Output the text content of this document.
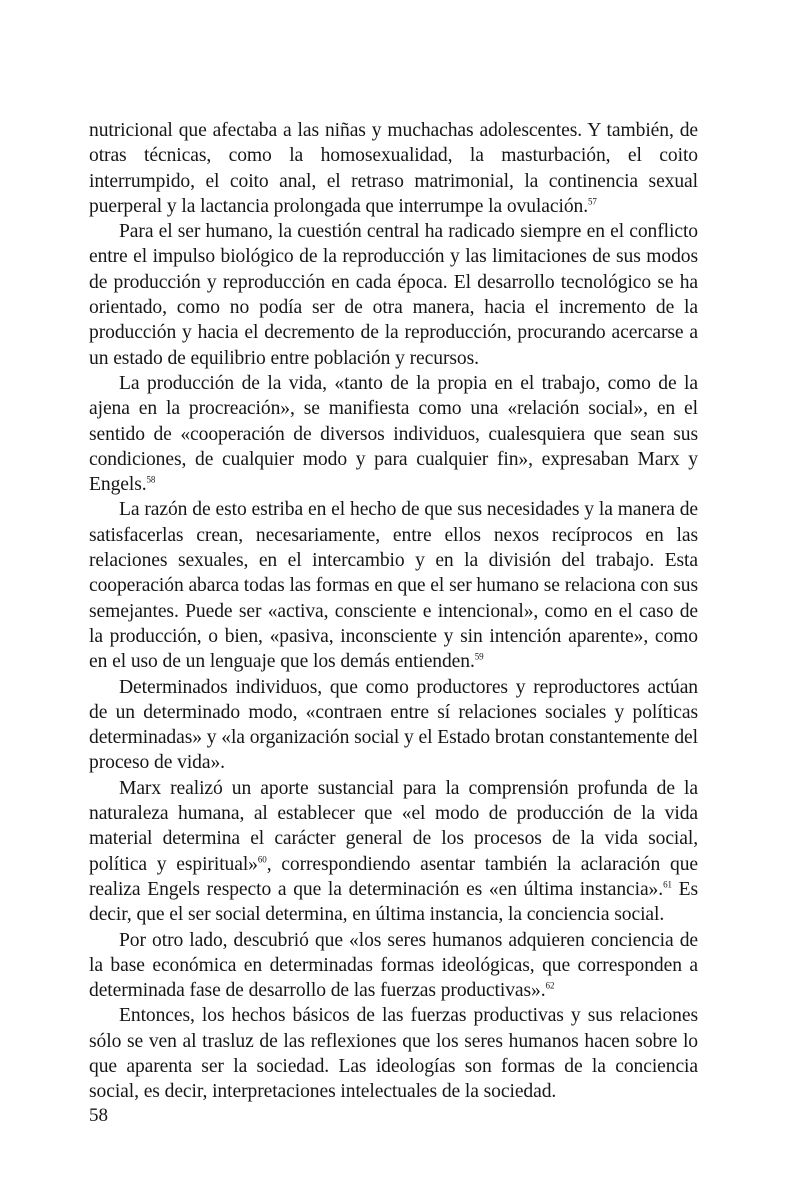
nutricional que afectaba a las niñas y muchachas adolescentes. Y también, de otras técnicas, como la homosexualidad, la masturbación, el coito interrumpido, el coito anal, el retraso matrimonial, la continencia sexual puerperal y la lactancia prolongada que interrumpe la ovulación.$^{57}$

Para el ser humano, la cuestión central ha radicado siempre en el conflicto entre el impulso biológico de la reproducción y las limitaciones de sus modos de producción y reproducción en cada época. El desarrollo tecnológico se ha orientado, como no podía ser de otra manera, hacia el incremento de la producción y hacia el decremento de la reproducción, procurando acercarse a un estado de equilibrio entre población y recursos.

La producción de la vida, «tanto de la propia en el trabajo, como de la ajena en la procreación», se manifiesta como una «relación social», en el sentido de «cooperación de diversos individuos, cualesquiera que sean sus condiciones, de cualquier modo y para cualquier fin», expresaban Marx y Engels.$^{58}$

La razón de esto estriba en el hecho de que sus necesidades y la manera de satisfacerlas crean, necesariamente, entre ellos nexos recíprocos en las relaciones sexuales, en el intercambio y en la división del trabajo. Esta cooperación abarca todas las formas en que el ser humano se relaciona con sus semejantes. Puede ser «activa, consciente e intencional», como en el caso de la producción, o bien, «pasiva, inconsciente y sin intención aparente», como en el uso de un lenguaje que los demás entienden.$^{59}$

Determinados individuos, que como productores y reproductores actúan de un determinado modo, «contraen entre sí relaciones sociales y políticas determinadas» y «la organización social y el Estado brotan constantemente del proceso de vida».

Marx realizó un aporte sustancial para la comprensión profunda de la naturaleza humana, al establecer que «el modo de producción de la vida material determina el carácter general de los procesos de la vida social, política y espiritual»$^{60}$, correspondiendo asentar también la aclaración que realiza Engels respecto a que la determinación es «en última instancia».$^{61}$ Es decir, que el ser social determina, en última instancia, la conciencia social.

Por otro lado, descubrió que «los seres humanos adquieren conciencia de la base económica en determinadas formas ideológicas, que corresponden a determinada fase de desarrollo de las fuerzas productivas».$^{62}$

Entonces, los hechos básicos de las fuerzas productivas y sus relaciones sólo se ven al trasluz de las reflexiones que los seres humanos hacen sobre lo que aparenta ser la sociedad. Las ideologías son formas de la conciencia social, es decir, interpretaciones intelectuales de la sociedad.

58
